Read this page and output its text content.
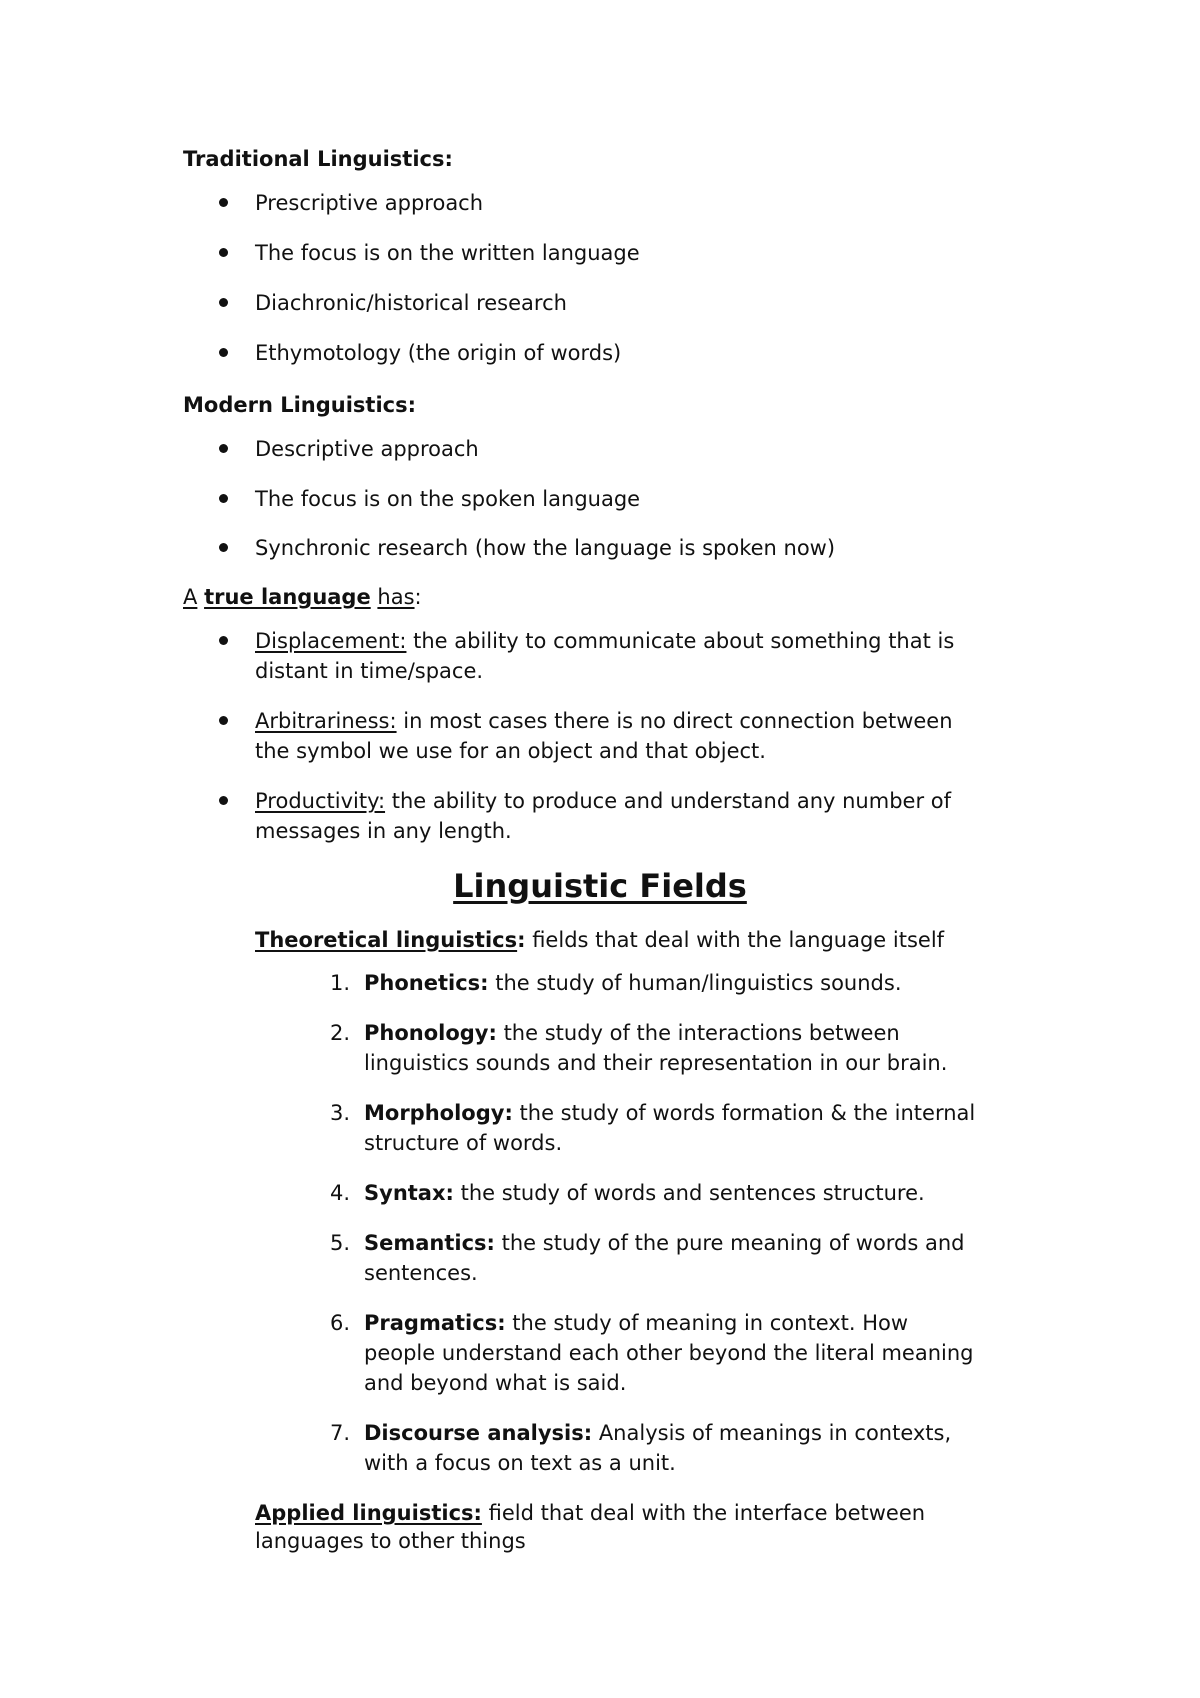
Traditional Linguistics:
Prescriptive approach
The focus is on the written language
Diachronic/historical research
Ethymotology (the origin of words)
Modern Linguistics:
Descriptive approach
The focus is on the spoken language
Synchronic research (how the language is spoken now)
A true language has:
Displacement: the ability to communicate about something that is
distant in time/space.
Arbitrariness: in most cases there is no direct connection between
the symbol we use for an object and that object.
Productivity: the ability to produce and understand any number of
messages in any length.
Linguistic Fields
Theoretical linguistics: fields that deal with the language itself
1. Phonetics: the study of human/linguistics sounds.
2. Phonology: the study of the interactions between
linguistics sounds and their representation in our brain.
3. Morphology: the study of words formation & the internal
structure of words.
4. Syntax: the study of words and sentences structure.
5. Semantics: the study of the pure meaning of words and
sentences.
6. Pragmatics: the study of meaning in context. How
people understand each other beyond the literal meaning
and beyond what is said.
7. Discourse analysis: Analysis of meanings in contexts,
with a focus on text as a unit.
Applied linguistics: field that deal with the interface between
languages to other things
